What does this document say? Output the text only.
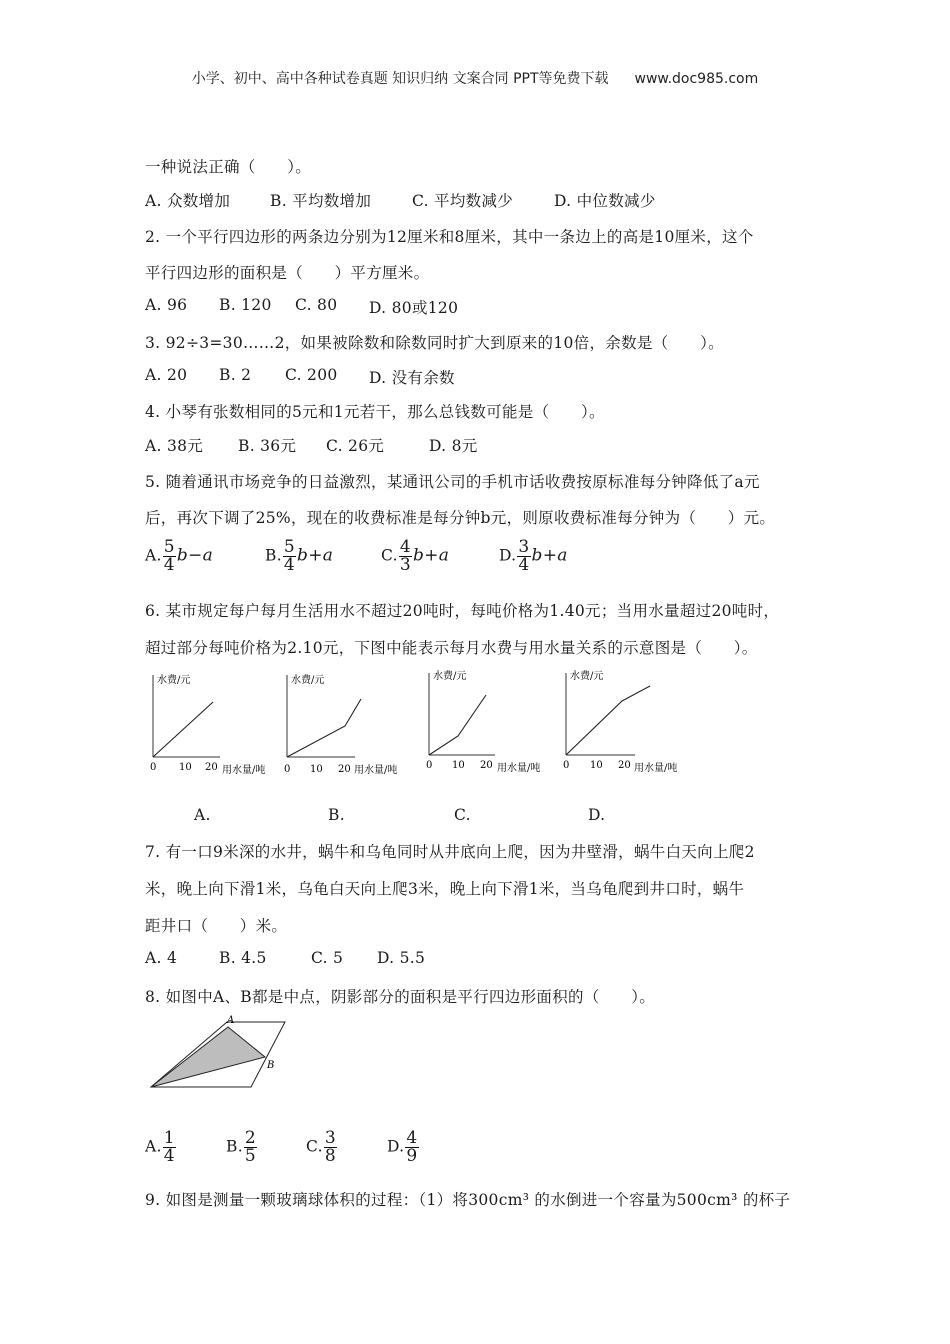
小学、初中、高中各种试卷真题 知识归纳 文案合同 PPT等免费下载 www.doc985.com
一种说法正确（　　）。
A. 众数增加	B. 平均数增加	C. 平均数减少	D. 中位数减少
2. 一个平行四边形的两条边分别为12厘米和8厘米，其中一条边上的高是10厘米，这个
平行四边形的面积是（　　）平方厘米。
A. 96 B. 120 C. 80 D. 80或120
3. 92÷3=30……2，如果被除数和除数同时扩大到原来的10倍，余数是（　　）。
A. 20 B. 2 C. 200 D. 没有余数
4. 小琴有张数相同的5元和1元若干，那么总钱数可能是（　　）。
A. 38元 B. 36元 C. 26元	D. 8元
5. 随着通讯市场竞争的日益激烈，某通讯公司的手机市话收费按原标准每分钟降低了a元
后，再次下调了25%，现在的收费标准是每分钟b元，则原收费标准每分钟为（　　）元。
A. $\frac{5}{4} b-a$	B. $\frac{5}{4} b+a$	C. $\frac{4}{3} b+a$	D. $\frac{3}{4} b+a$
6. 某市规定每户每月生活用水不超过20吨时，每吨价格为1.40元；当用水量超过20吨时，
超过部分每吨价格为2.10元，下图中能表示每月水费与用水量关系的示意图是（　　）。
水费/元
0 10 20 用水量/吨
水费/元
0 10 20 用水量/吨
水费/元
0 10 20 用水量/吨
水费/元
0 10 20 用水量/吨
A.	B.	C.	D.
7. 有一口9米深的水井，蜗牛和乌龟同时从井底向上爬，因为井壁滑，蜗牛白天向上爬2
米，晚上向下滑1米，乌龟白天向上爬3米，晚上向下滑1米，当乌龟爬到井口时，蜗牛
距井口（　　）米。
A. 4	B. 4.5	C. 5 D. 5.5
8. 如图中A、B都是中点，阴影部分的面积是平行四边形面积的（　　）。
A
B
A. $\frac{1}{4}$	B. $\frac{2}{5}$	C. $\frac{3}{8}$	D. $\frac{4}{9}$
9. 如图是测量一颗玻璃球体积的过程：（1）将300cm³ 的水倒进一个容量为500cm³ 的杯子
